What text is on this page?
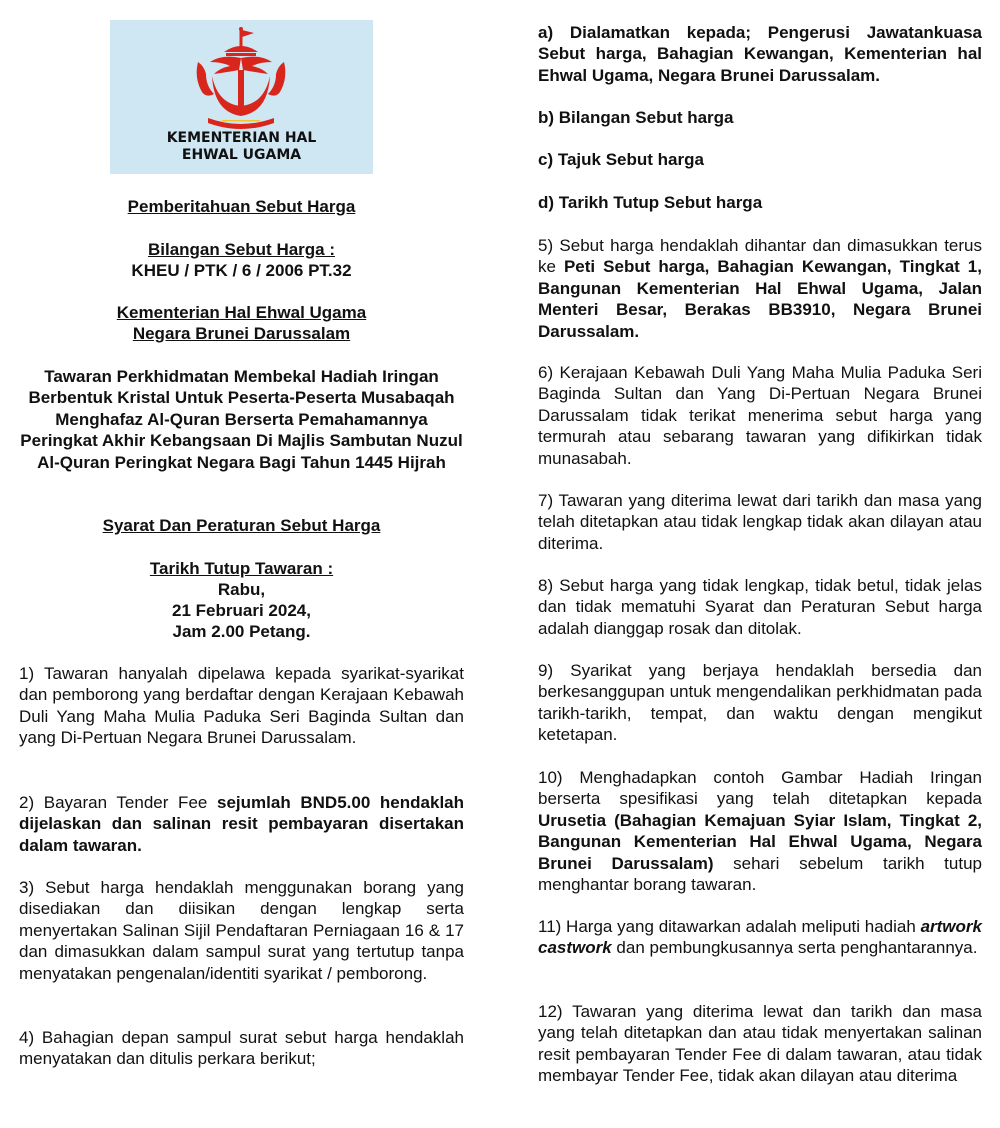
KEMENTERIAN HAL
EHWAL UGAMA

Pemberitahuan Sebut Harga

Bilangan Sebut Harga :

KHEU / PTK / 6 / 2006 PT.32

Kementerian Hal Ehwal Ugama

Negara Brunei Darussalam

Tawaran Perkhidmatan Membekal Hadiah Iringan Berbentuk Kristal Untuk Peserta-Peserta Musabaqah Menghafaz Al-Quran Berserta Pemahamannya Peringkat Akhir Kebangsaan Di Majlis Sambutan Nuzul Al-Quran Peringkat Negara Bagi Tahun 1445 Hijrah

Syarat Dan Peraturan Sebut Harga

Tarikh Tutup Tawaran :

Rabu,

21 Februari 2024,

Jam 2.00 Petang.

1) Tawaran hanyalah dipelawa kepada syarikat-syarikat dan pemborong yang berdaftar dengan Kerajaan Kebawah Duli Yang Maha Mulia Paduka Seri Baginda Sultan dan yang Di-Pertuan Negara Brunei Darussalam.

2) Bayaran Tender Fee sejumlah BND5.00 hendaklah dijelaskan dan salinan resit pembayaran disertakan dalam tawaran.

3) Sebut harga hendaklah menggunakan borang yang disediakan dan diisikan dengan lengkap serta menyertakan Salinan Sijil Pendaftaran Perniagaan 16 & 17 dan dimasukkan dalam sampul surat yang tertutup tanpa menyatakan pengenalan/identiti syarikat / pemborong.

4) Bahagian depan sampul surat sebut harga hendaklah menyatakan dan ditulis perkara berikut;

a) Dialamatkan kepada; Pengerusi Jawatankuasa Sebut harga, Bahagian Kewangan, Kementerian hal Ehwal Ugama, Negara Brunei Darussalam.

b) Bilangan Sebut harga

c) Tajuk Sebut harga

d) Tarikh Tutup Sebut harga

5) Sebut harga hendaklah dihantar dan dimasukkan terus ke Peti Sebut harga, Bahagian Kewangan, Tingkat 1, Bangunan Kementerian Hal Ehwal Ugama, Jalan Menteri Besar, Berakas BB3910, Negara Brunei Darussalam.

6) Kerajaan Kebawah Duli Yang Maha Mulia Paduka Seri Baginda Sultan dan Yang Di-Pertuan Negara Brunei Darussalam tidak terikat menerima sebut harga yang termurah atau sebarang tawaran yang difikirkan tidak munasabah.

7) Tawaran yang diterima lewat dari tarikh dan masa yang telah ditetapkan atau tidak lengkap tidak akan dilayan atau diterima.

8) Sebut harga yang tidak lengkap, tidak betul, tidak jelas dan tidak mematuhi Syarat dan Peraturan Sebut harga adalah dianggap rosak dan ditolak.

9) Syarikat yang berjaya hendaklah bersedia dan berkesanggupan untuk mengendalikan perkhidmatan pada tarikh-tarikh, tempat, dan waktu dengan mengikut ketetapan.

10) Menghadapkan contoh Gambar Hadiah Iringan berserta spesifikasi yang telah ditetapkan kepada Urusetia (Bahagian Kemajuan Syiar Islam, Tingkat 2, Bangunan Kementerian Hal Ehwal Ugama, Negara Brunei Darussalam) sehari sebelum tarikh tutup menghantar borang tawaran.

11) Harga yang ditawarkan adalah meliputi hadiah artwork castwork dan pembungkusannya serta penghantarannya.

12) Tawaran yang diterima lewat dan tarikh dan masa yang telah ditetapkan dan atau tidak menyertakan salinan resit pembayaran Tender Fee di dalam tawaran, atau tidak membayar Tender Fee, tidak akan dilayan atau diterima
